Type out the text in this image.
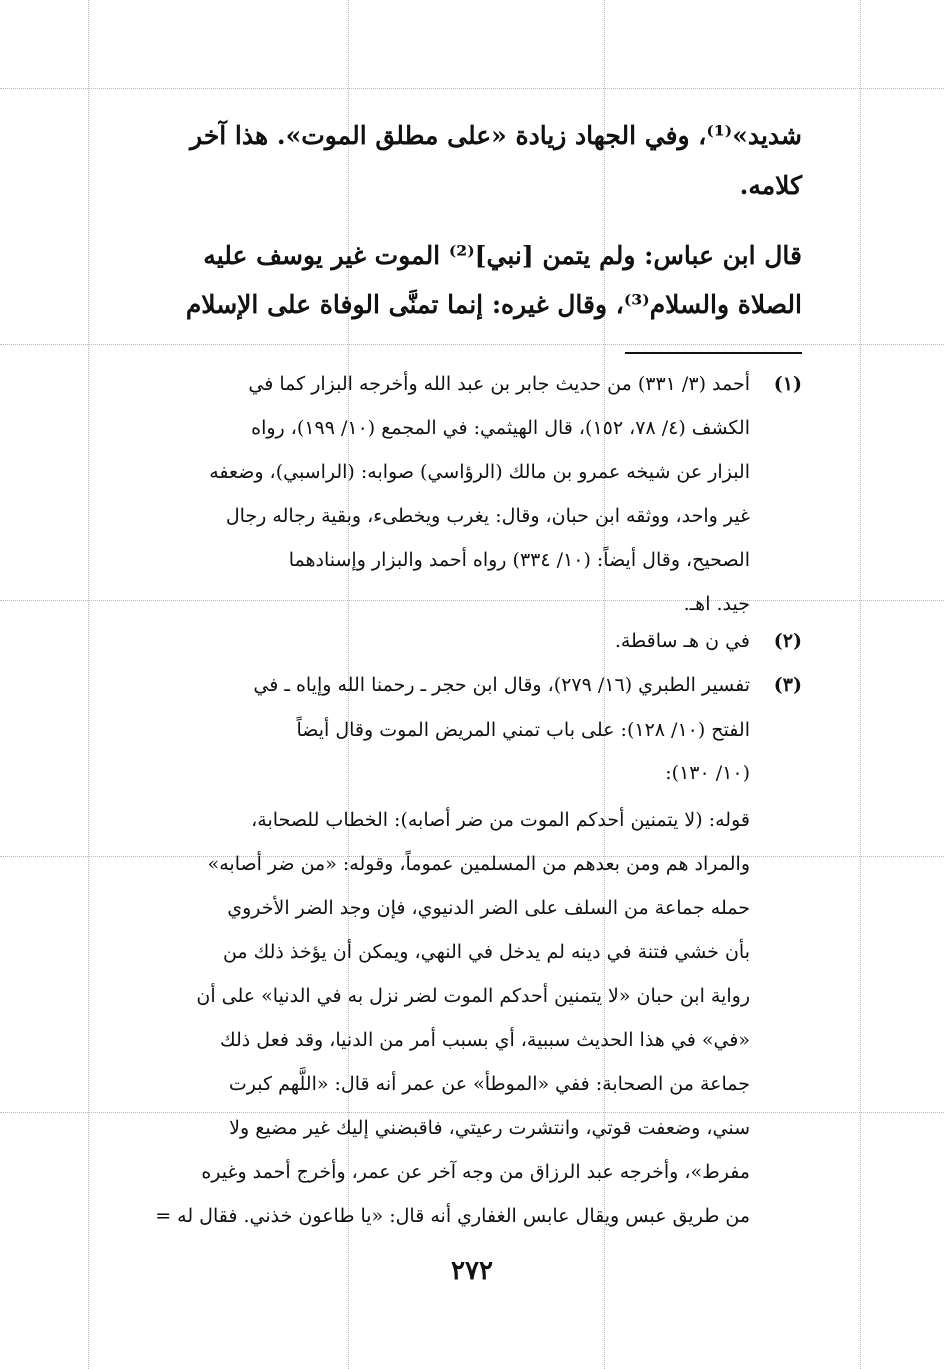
شديد»⁽¹⁾، وفي الجهاد زيادة «على مطلق الموت». هذا آخر
كلامه.
قال ابن عباس: ولم يتمن [نبي]⁽²⁾ الموت غير يوسف عليه
الصلاة والسلام⁽³⁾، وقال غيره: إنما تمنَّى الوفاة على الإسلام
(١)
أحمد (٣/ ٣٣١) من حديث جابر بن عبد الله وأخرجه البزار كما في
الكشف (٤/ ٧٨، ١٥٢)، قال الهيثمي: في المجمع (١٠/ ١٩٩)، رواه
البزار عن شيخه عمرو بن مالك (الرؤاسي) صوابه: (الراسبي)، وضعفه
غير واحد، ووثقه ابن حبان، وقال: يغرب ويخطىء، وبقية رجاله رجال
الصحيح، وقال أيضاً: (١٠/ ٣٣٤) رواه أحمد والبزار وإسنادهما
جيد. اهـ.
(٢)
في ن هـ ساقطة.
(٣)
تفسير الطبري (١٦/ ٢٧٩)، وقال ابن حجر ـ رحمنا الله وإياه ـ في
الفتح (١٠/ ١٢٨): على باب تمني المريض الموت وقال أيضاً
(١٠/ ١٣٠):
قوله: (لا يتمنين أحدكم الموت من ضر أصابه): الخطاب للصحابة،
والمراد هم ومن بعدهم من المسلمين عموماً، وقوله: «من ضر أصابه»
حمله جماعة من السلف على الضر الدنيوي، فإن وجد الضر الأخروي
بأن خشي فتنة في دينه لم يدخل في النهي، ويمكن أن يؤخذ ذلك من
رواية ابن حبان «لا يتمنين أحدكم الموت لضر نزل به في الدنيا» على أن
«في» في هذا الحديث سببية، أي بسبب أمر من الدنيا، وقد فعل ذلك
جماعة من الصحابة: ففي «الموطأ» عن عمر أنه قال: «اللَّهم كبرت
سني، وضعفت قوتي، وانتشرت رعيتي، فاقبضني إليك غير مضيع ولا
مفرط»، وأخرجه عبد الرزاق من وجه آخر عن عمر، وأخرج أحمد وغيره
من طريق عبس ويقال عابس الغفاري أنه قال: «يا طاعون خذني. فقال له =
٢٧٢
